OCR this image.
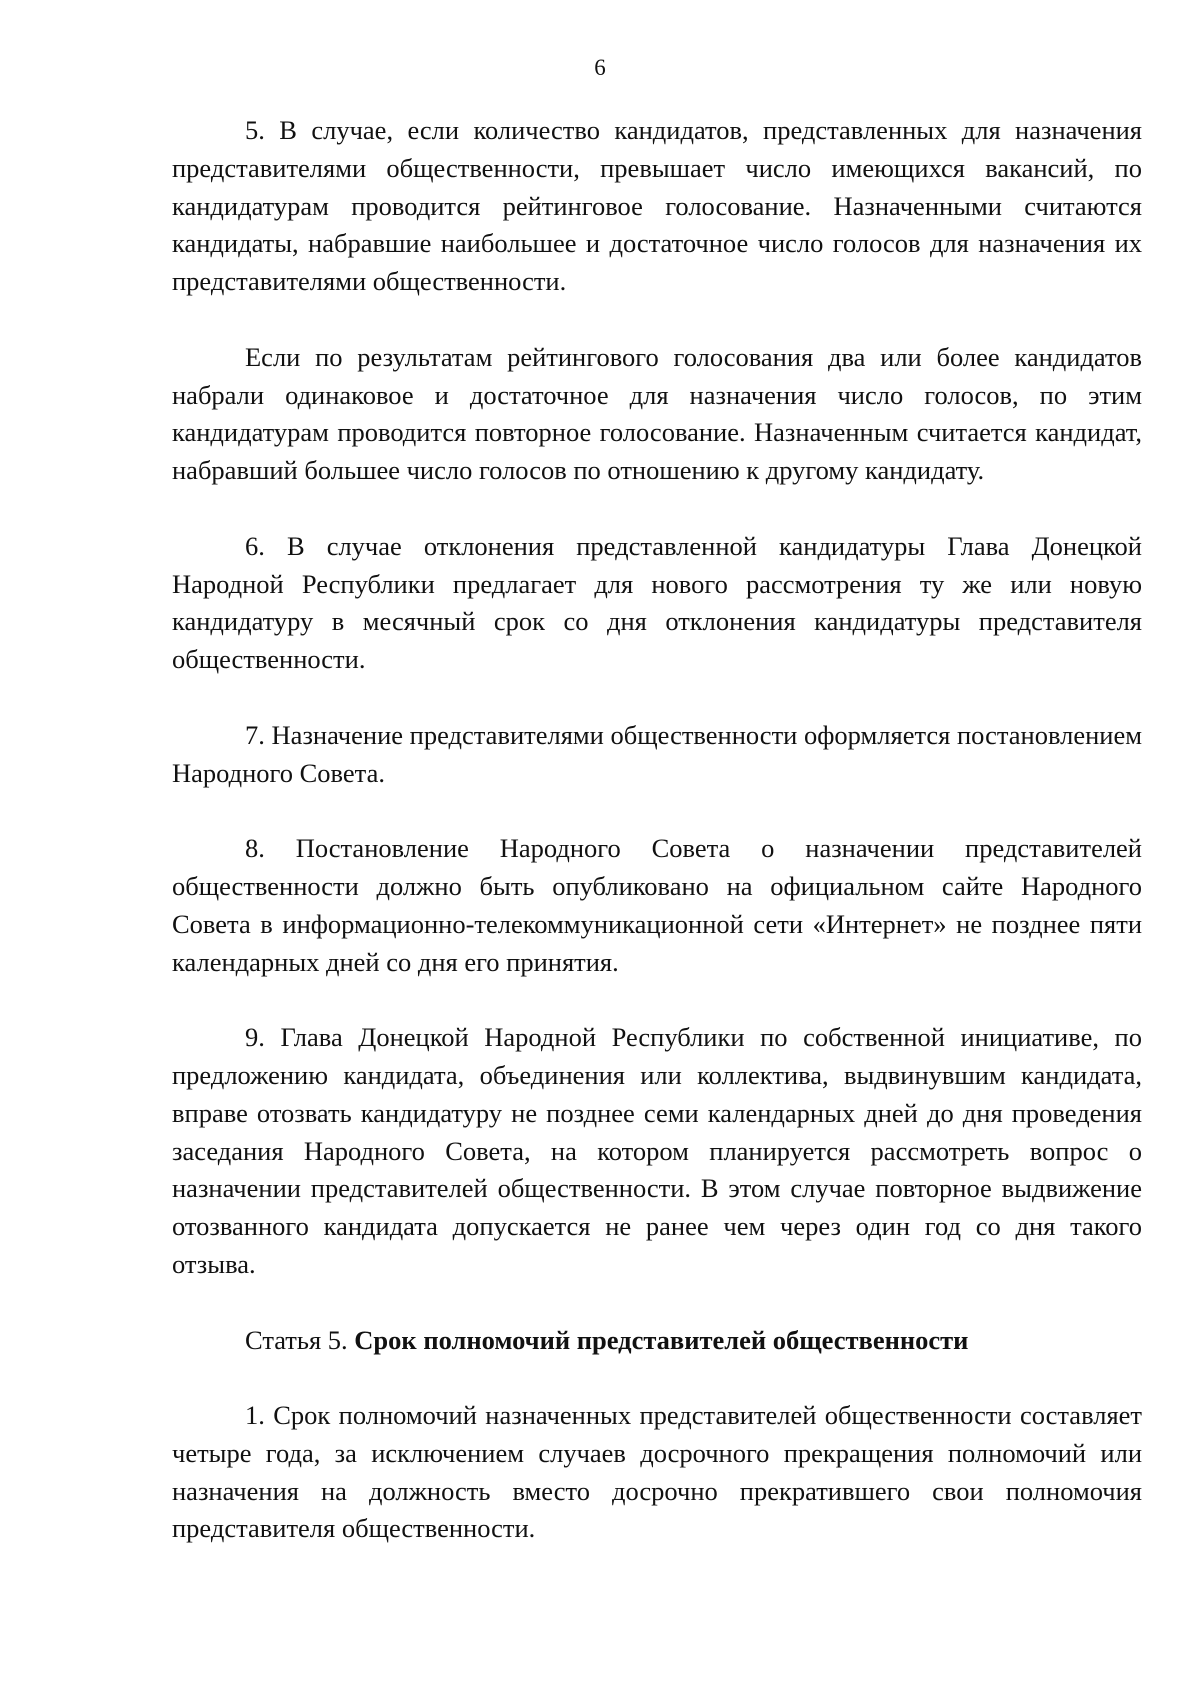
6

5. В случае, если количество кандидатов, представленных для назначения представителями общественности, превышает число имеющихся вакансий, по кандидатурам проводится рейтинговое голосование. Назначенными считаются кандидаты, набравшие наибольшее и достаточное число голосов для назначения их представителями общественности.

Если по результатам рейтингового голосования два или более кандидатов набрали одинаковое и достаточное для назначения число голосов, по этим кандидатурам проводится повторное голосование. Назначенным считается кандидат, набравший большее число голосов по отношению к другому кандидату.

6. В случае отклонения представленной кандидатуры Глава Донецкой Народной Республики предлагает для нового рассмотрения ту же или новую кандидатуру в месячный срок со дня отклонения кандидатуры представителя общественности.

7. Назначение представителями общественности оформляется постановлением Народного Совета.

8. Постановление Народного Совета о назначении представителей общественности должно быть опубликовано на официальном сайте Народного Совета в информационно-телекоммуникационной сети «Интернет» не позднее пяти календарных дней со дня его принятия.

9. Глава Донецкой Народной Республики по собственной инициативе, по предложению кандидата, объединения или коллектива, выдвинувшим кандидата, вправе отозвать кандидатуру не позднее семи календарных дней до дня проведения заседания Народного Совета, на котором планируется рассмотреть вопрос о назначении представителей общественности. В этом случае повторное выдвижение отозванного кандидата допускается не ранее чем через один год со дня такого отзыва.

Статья 5. Срок полномочий представителей общественности

1. Срок полномочий назначенных представителей общественности составляет четыре года, за исключением случаев досрочного прекращения полномочий или назначения на должность вместо досрочно прекратившего свои полномочия представителя общественности.
